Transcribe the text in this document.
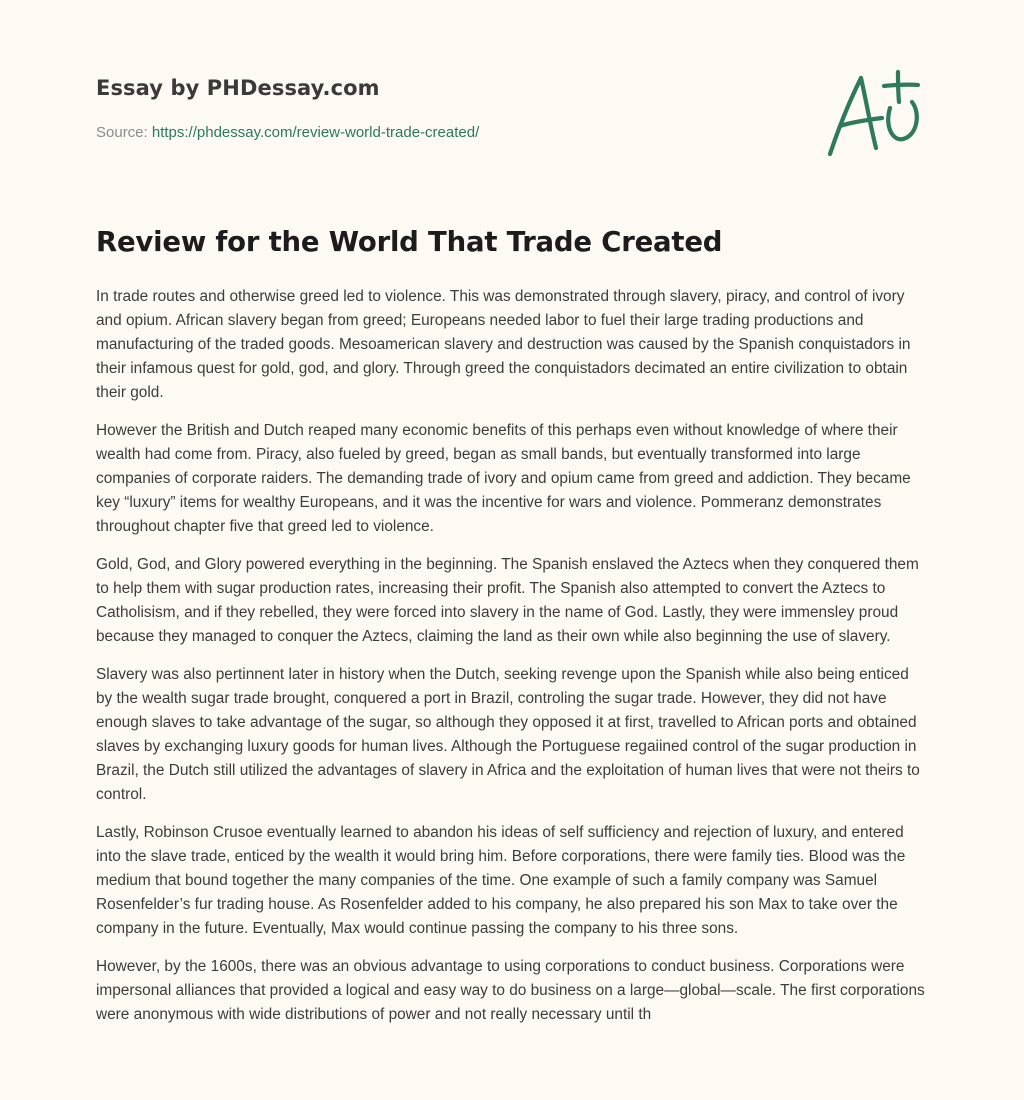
Essay by PHDessay.com
Source: https://phdessay.com/review-world-trade-created/
Review for the World That Trade Created

In trade routes and otherwise greed led to violence. This was demonstrated through slavery, piracy, and control of ivory and opium. African slavery began from greed; Europeans needed labor to fuel their large trading productions and manufacturing of the traded goods. Mesoamerican slavery and destruction was caused by the Spanish conquistadors in their infamous quest for gold, god, and glory. Through greed the conquistadors decimated an entire civilization to obtain their gold.

However the British and Dutch reaped many economic benefits of this perhaps even without knowledge of where their wealth had come from. Piracy, also fueled by greed, began as small bands, but eventually transformed into large companies of corporate raiders. The demanding trade of ivory and opium came from greed and addiction. They became key “luxury” items for wealthy Europeans, and it was the incentive for wars and violence. Pommeranz demonstrates throughout chapter five that greed led to violence.

Gold, God, and Glory powered everything in the beginning. The Spanish enslaved the Aztecs when they conquered them to help them with sugar production rates, increasing their profit. The Spanish also attempted to convert the Aztecs to Catholisism, and if they rebelled, they were forced into slavery in the name of God. Lastly, they were immensley proud because they managed to conquer the Aztecs, claiming the land as their own while also beginning the use of slavery.

Slavery was also pertinnent later in history when the Dutch, seeking revenge upon the Spanish while also being enticed by the wealth sugar trade brought, conquered a port in Brazil, controling the sugar trade. However, they did not have enough slaves to take advantage of the sugar, so although they opposed it at first, travelled to African ports and obtained slaves by exchanging luxury goods for human lives. Although the Portuguese regaiined control of the sugar production in Brazil, the Dutch still utilized the advantages of slavery in Africa and the exploitation of human lives that were not theirs to control.

Lastly, Robinson Crusoe eventually learned to abandon his ideas of self sufficiency and rejection of luxury, and entered into the slave trade, enticed by the wealth it would bring him. Before corporations, there were family ties. Blood was the medium that bound together the many companies of the time. One example of such a family company was Samuel Rosenfelder’s fur trading house. As Rosenfelder added to his company, he also prepared his son Max to take over the company in the future. Eventually, Max would continue passing the company to his three sons.

However, by the 1600s, there was an obvious advantage to using corporations to conduct business. Corporations were impersonal alliances that provided a logical and easy way to do business on a large—global—scale. The first corporations were anonymous with wide distributions of power and not really necessary until th
